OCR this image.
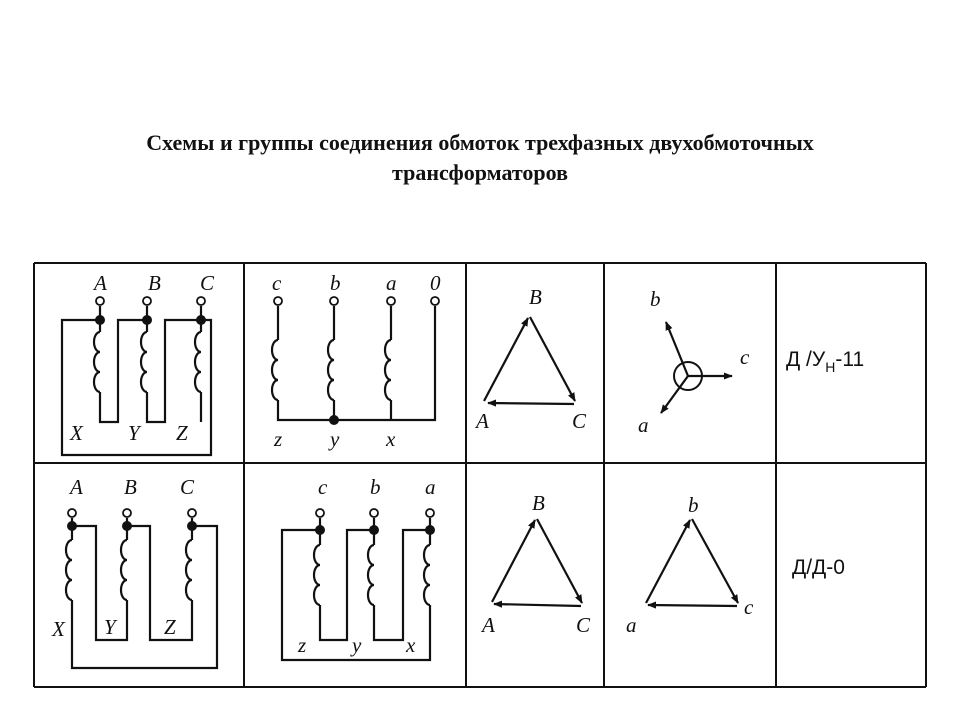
Схемы и группы соединения обмоток трехфазных двухобмоточных
трансформаторов
A B C
X Y Z
c b a 0
z y x
B
A	C
b
c
a
Д /УН-11
A B C
X Y Z
c b a
z y x
B
A	C
b
a
c
Д/Д-0
